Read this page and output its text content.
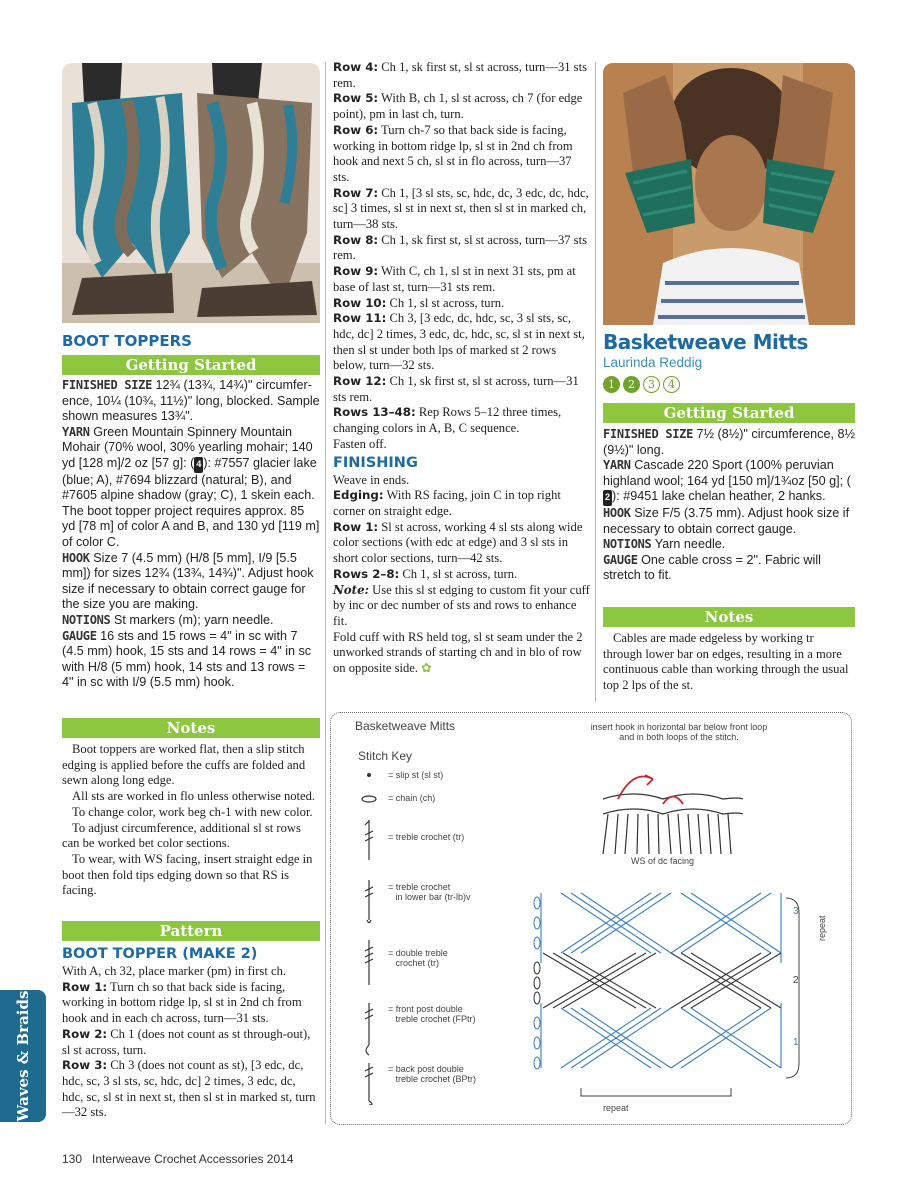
BOOT TOPPERS
Getting Started

FINISHED SIZE 12¾ (13¾, 14¾)" circumfer-ence, 10¼ (10¾, 11½)" long, blocked. Sample shown measures 13¾".

YARN Green Mountain Spinnery Mountain Mohair (70% wool, 30% yearling mohair; 140 yd [128 m]/2 oz [57 g]: ( 4 ): #7557 glacier lake (blue; A), #7694 blizzard (natural; B), and #7605 alpine shadow (gray; C), 1 skein each. The boot topper project requires approx. 85 yd [78 m] of color A and B, and 130 yd [119 m] of color C.

HOOK Size 7 (4.5 mm) (H/8 [5 mm], I/9 [5.5 mm]) for sizes 12¾ (13¾, 14¾)". Adjust hook size if necessary to obtain correct gauge for the size you are making.

NOTIONS St markers (m); yarn needle.

GAUGE 16 sts and 15 rows = 4" in sc with 7 (4.5 mm) hook, 15 sts and 14 rows = 4" in sc with H/8 (5 mm) hook, 14 sts and 13 rows = 4" in sc with I/9 (5.5 mm) hook.

Notes

Boot toppers are worked flat, then a slip stitch edging is applied before the cuffs are folded and sewn along long edge.

All sts are worked in flo unless otherwise noted.

To change color, work beg ch-1 with new color.

To adjust circumference, additional sl st rows can be worked bet color sections.

To wear, with WS facing, insert straight edge in boot then fold tips edging down so that RS is facing.

Pattern
BOOT TOPPER (MAKE 2)

With A, ch 32, place marker (pm) in first ch.

Row 1: Turn ch so that back side is facing, working in bottom ridge lp, sl st in 2nd ch from hook and in each ch across, turn—31 sts.

Row 2: Ch 1 (does not count as st through-out), sl st across, turn.

Row 3: Ch 3 (does not count as st), [3 edc, dc, hdc, sc, 3 sl sts, sc, hdc, dc] 2 times, 3 edc, dc, hdc, sc, sl st in next st, then sl st in marked st, turn—32 sts.

Waves & Braids

Row 4: Ch 1, sk first st, sl st across, turn—31 sts rem.

Row 5: With B, ch 1, sl st across, ch 7 (for edge point), pm in last ch, turn.

Row 6: Turn ch-7 so that back side is facing, working in bottom ridge lp, sl st in 2nd ch from hook and next 5 ch, sl st in flo across, turn—37 sts.

Row 7: Ch 1, [3 sl sts, sc, hdc, dc, 3 edc, dc, hdc, sc] 3 times, sl st in next st, then sl st in marked ch, turn—38 sts.

Row 8: Ch 1, sk first st, sl st across, turn—37 sts rem.

Row 9: With C, ch 1, sl st in next 31 sts, pm at base of last st, turn—31 sts rem.

Row 10: Ch 1, sl st across, turn.

Row 11: Ch 3, [3 edc, dc, hdc, sc, 3 sl sts, sc, hdc, dc] 2 times, 3 edc, dc, hdc, sc, sl st in next st, then sl st under both lps of marked st 2 rows below, turn—32 sts.

Row 12: Ch 1, sk first st, sl st across, turn—31 sts rem.

Rows 13–48: Rep Rows 5–12 three times, changing colors in A, B, C sequence.

Fasten off.

FINISHING

Weave in ends.

Edging: With RS facing, join C in top right corner on straight edge.

Row 1: Sl st across, working 4 sl sts along wide color sections (with edc at edge) and 3 sl sts in short color sections, turn—42 sts.

Rows 2–8: Ch 1, sl st across, turn.

Note: Use this sl st edging to custom fit your cuff by inc or dec number of sts and rows to enhance fit.

Fold cuff with RS held tog, sl st seam under the 2 unworked strands of starting ch and in blo of row on opposite side. ✿

Basketweave Mitts
Laurinda Reddig
1 2 3 4
Getting Started

FINISHED SIZE 7½ (8½)" circumference, 8½ (9½)" long.

YARN Cascade 220 Sport (100% peruvian highland wool; 164 yd [150 m]/1¾oz [50 g]; (2 ): #9451 lake chelan heather, 2 hanks.

HOOK Size F/5 (3.75 mm). Adjust hook size if necessary to obtain correct gauge.

NOTIONS Yarn needle.

GAUGE One cable cross = 2". Fabric will stretch to fit.

Notes

Cables are made edgeless by working tr through lower bar on edges, resulting in a more continuous cable than working through the usual top 2 lps of the st.

Basketweave Mitts
Stitch Key
= slip st (sl st)
= chain (ch)
= treble crochet (tr)
= treble crochet
in lower bar (tr-lb)v
= double treble
crochet (tr)
= front post double
treble crochet (FPtr)
= back post double
treble crochet (BPtr)
insert hook in horizontal bar below front loop
and in both loops of the stitch.
WS of dc facing
3
2
1
repeat
repeat
130 Interweave Crochet Accessories 2014
